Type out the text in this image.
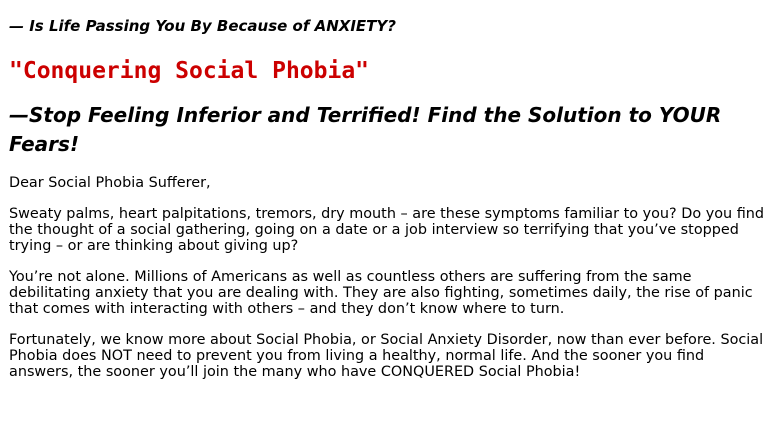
— Is Life Passing You By Because of ANXIETY?
"Conquering Social Phobia"
—Stop Feeling Inferior and Terrified! Find the Solution to YOUR Fears!

Dear Social Phobia Sufferer,

Sweaty palms, heart palpitations, tremors, dry mouth – are these symptoms familiar to you? Do you find the thought of a social gathering, going on a date or a job interview so terrifying that you’ve stopped trying – or are thinking about giving up?

You’re not alone. Millions of Americans as well as countless others are suffering from the same debilitating anxiety that you are dealing with. They are also fighting, sometimes daily, the rise of panic that comes with interacting with others – and they don’t know where to turn.

Fortunately, we know more about Social Phobia, or Social Anxiety Disorder, now than ever before. Social Phobia does NOT need to prevent you from living a healthy, normal life. And the sooner you find answers, the sooner you’ll join the many who have CONQUERED Social Phobia!
